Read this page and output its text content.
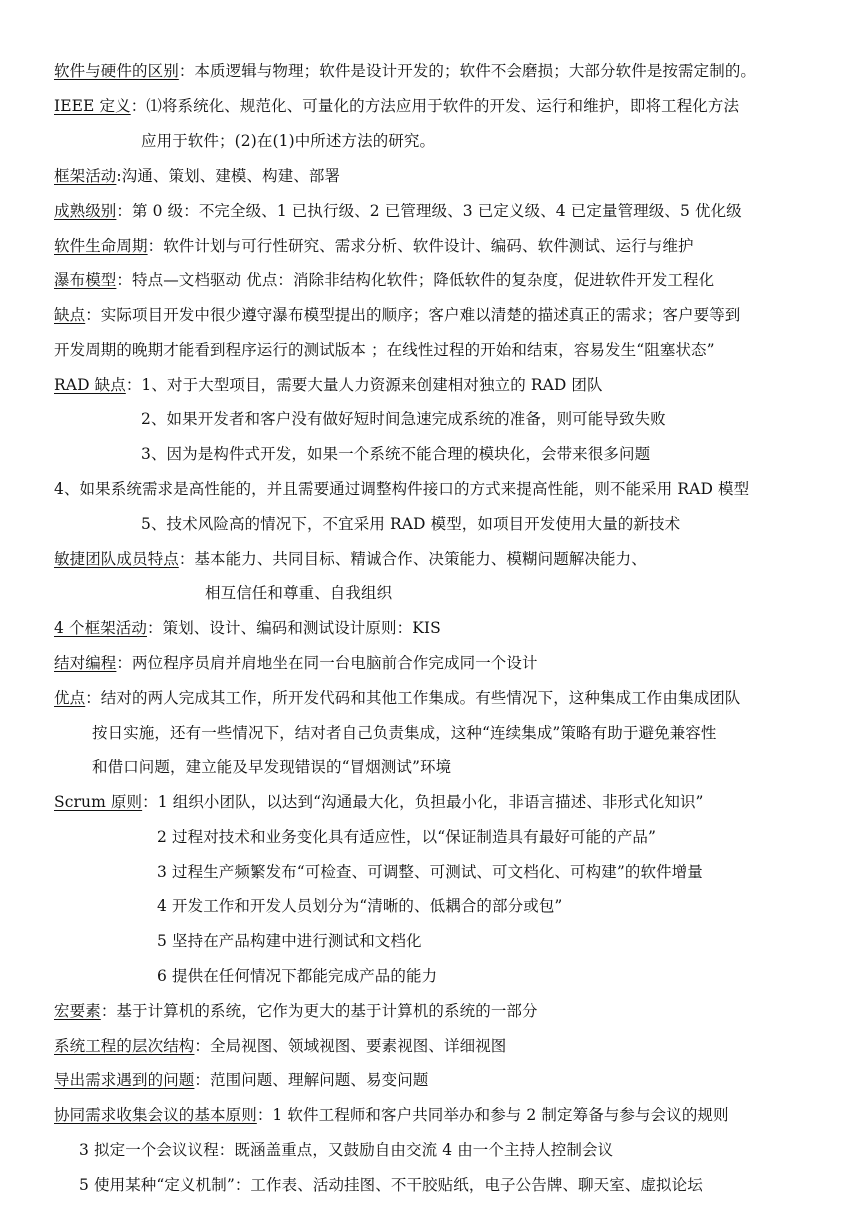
软件与硬件的区别：本质逻辑与物理；软件是设计开发的；软件不会磨损；大部分软件是按需定制的。
IEEE 定义：⑴将系统化、规范化、可量化的方法应用于软件的开发、运行和维护，即将工程化方法
应用于软件；(2)在(1)中所述方法的研究。
框架活动:沟通、策划、建模、构建、部署
成熟级别：第 0 级：不完全级、1 已执行级、2 已管理级、3 已定义级、4 已定量管理级、5 优化级
软件生命周期：软件计划与可行性研究、需求分析、软件设计、编码、软件测试、运行与维护
瀑布模型：特点—文档驱动 优点：消除非结构化软件；降低软件的复杂度，促进软件开发工程化
缺点：实际项目开发中很少遵守瀑布模型提出的顺序；客户难以清楚的描述真正的需求；客户要等到
开发周期的晚期才能看到程序运行的测试版本 ；在线性过程的开始和结束，容易发生“阻塞状态”
RAD 缺点：1、对于大型项目，需要大量人力资源来创建相对独立的 RAD 团队
2、如果开发者和客户没有做好短时间急速完成系统的准备，则可能导致失败
3、因为是构件式开发，如果一个系统不能合理的模块化，会带来很多问题
4、如果系统需求是高性能的，并且需要通过调整构件接口的方式来提高性能，则不能采用 RAD 模型
5、技术风险高的情况下，不宜采用 RAD 模型，如项目开发使用大量的新技术
敏捷团队成员特点：基本能力、共同目标、精诚合作、决策能力、模糊问题解决能力、
相互信任和尊重、自我组织
4 个框架活动：策划、设计、编码和测试设计原则：KIS
结对编程：两位程序员肩并肩地坐在同一台电脑前合作完成同一个设计
优点：结对的两人完成其工作，所开发代码和其他工作集成。有些情况下，这种集成工作由集成团队
按日实施，还有一些情况下，结对者自己负责集成，这种“连续集成”策略有助于避免兼容性
和借口问题，建立能及早发现错误的“冒烟测试”环境
Scrum 原则：1 组织小团队，以达到“沟通最大化，负担最小化，非语言描述、非形式化知识”
2 过程对技术和业务变化具有适应性，以“保证制造具有最好可能的产品”
3 过程生产频繁发布“可检查、可调整、可测试、可文档化、可构建”的软件增量
4 开发工作和开发人员划分为“清晰的、低耦合的部分或包”
5 坚持在产品构建中进行测试和文档化
6 提供在任何情况下都能完成产品的能力
宏要素：基于计算机的系统，它作为更大的基于计算机的系统的一部分
系统工程的层次结构：全局视图、领域视图、要素视图、详细视图
导出需求遇到的问题：范围问题、理解问题、易变问题
协同需求收集会议的基本原则：1 软件工程师和客户共同举办和参与 2 制定筹备与参与会议的规则
3 拟定一个会议议程：既涵盖重点，又鼓励自由交流 4 由一个主持人控制会议
5 使用某种“定义机制”：工作表、活动挂图、不干胶贴纸，电子公告牌、聊天室、虚拟论坛
